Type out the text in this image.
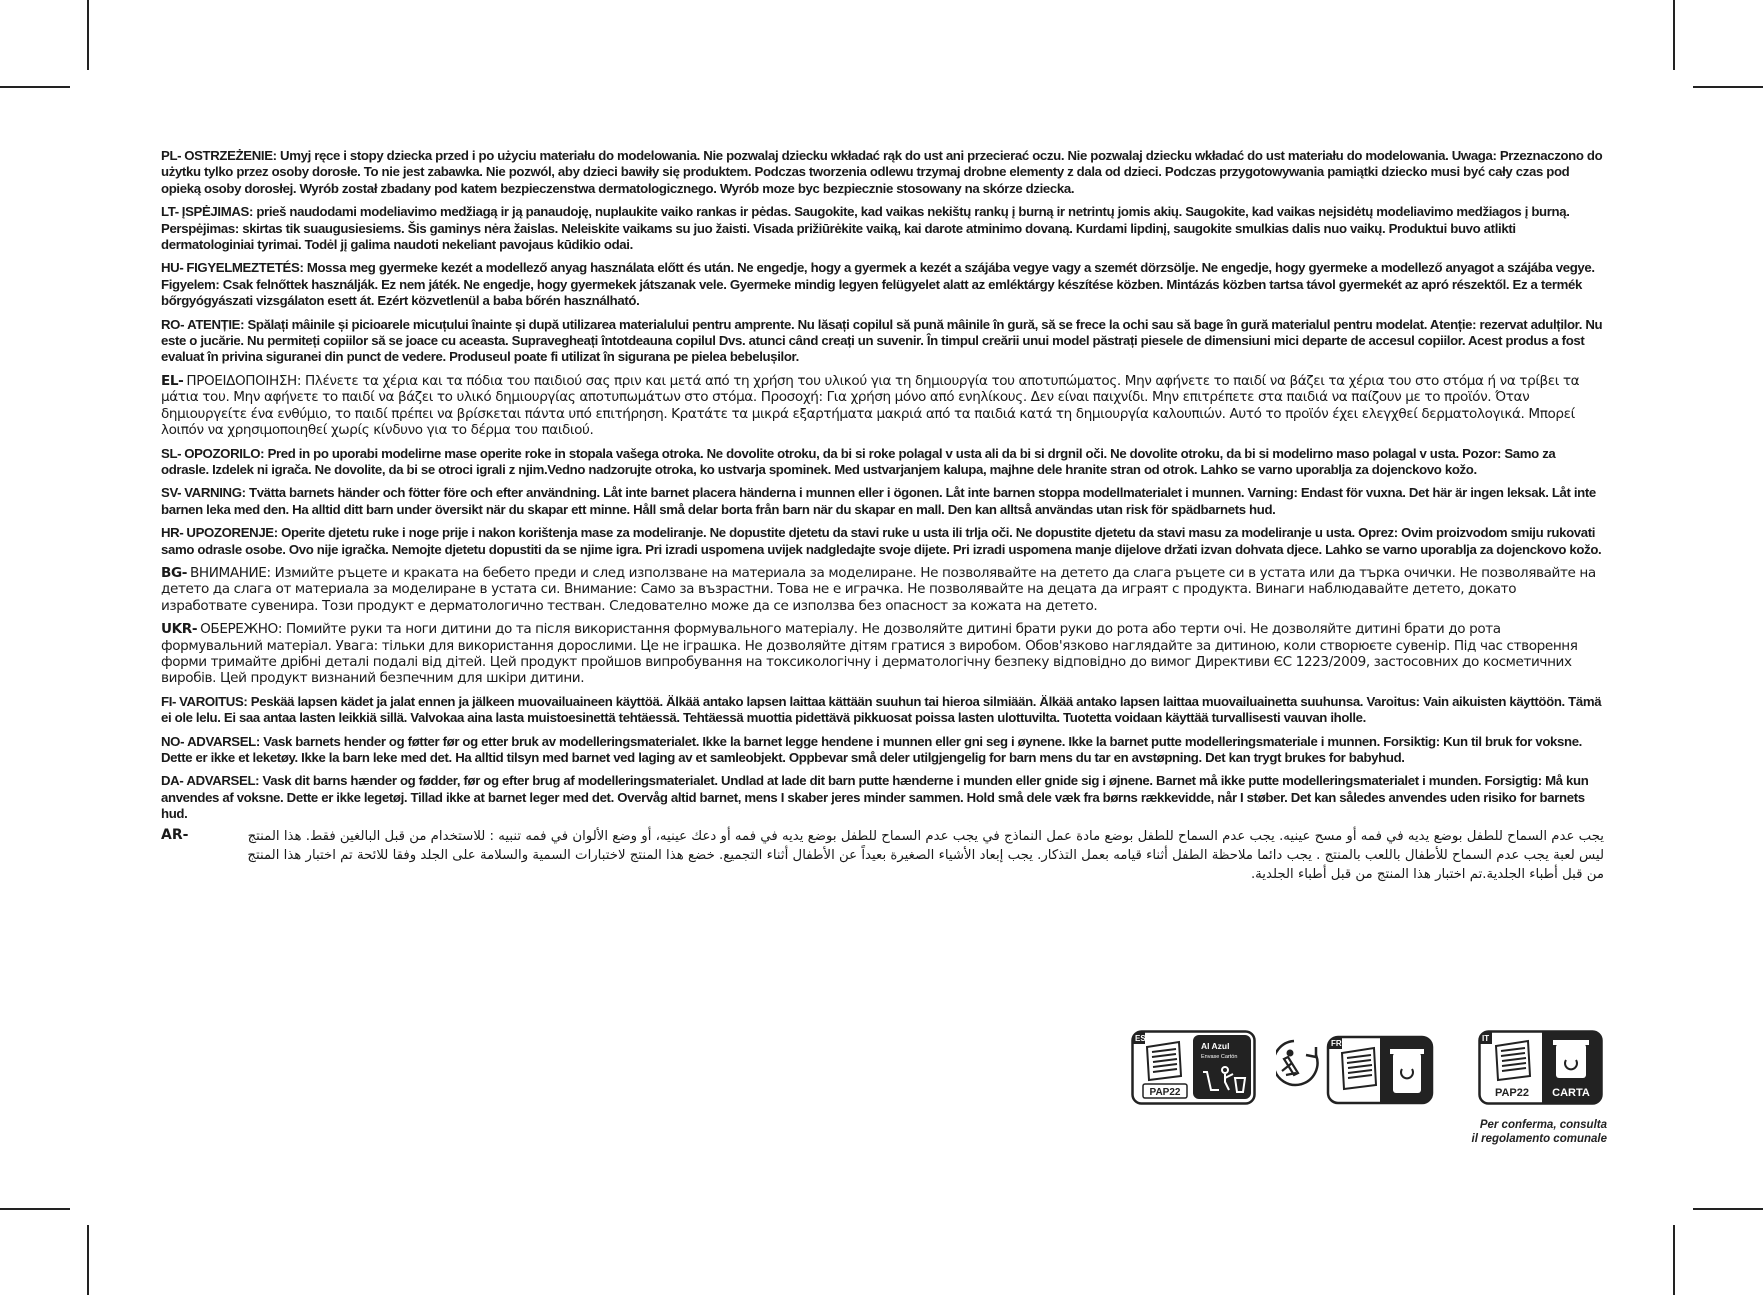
PL- OSTRZEŻENIE: Umyj ręce i stopy dziecka przed i po użyciu materiału do modelowania. Nie pozwalaj dziecku wkładać rąk do ust ani przecierać oczu. Nie pozwalaj dziecku wkładać do ust materiału do modelowania. Uwaga: Przeznaczono do użytku tylko przez osoby dorosłe. To nie jest zabawka. Nie pozwól, aby dzieci bawiły się produktem. Podczas tworzenia odlewu trzymaj drobne elementy z dala od dzieci. Podczas przygotowywania pamiątki dziecko musi być cały czas pod opieką osoby dorosłej. Wyrób został zbadany pod katem bezpieczenstwa dermatologicznego. Wyrób moze byc bezpiecznie stosowany na skórze dziecka.

LT- ĮSPĖJIMAS: prieš naudodami modeliavimo medžiagą ir ją panaudoję, nuplaukite vaiko rankas ir pėdas. Saugokite, kad vaikas nekištų rankų į burną ir netrintų jomis akių. Saugokite, kad vaikas nejsidėtų modeliavimo medžiagos į burną. Perspėjimas: skirtas tik suaugusiesiems. Šis gaminys nėra žaislas. Neleiskite vaikams su juo žaisti. Visada prižiūrėkite vaiką, kai darote atminimo dovaną. Kurdami lipdinį, saugokite smulkias dalis nuo vaikų. Produktui buvo atlikti dermatologiniai tyrimai. Todėl jį galima naudoti nekeliant pavojaus kūdikio odai.

HU- FIGYELMEZTETÉS: Mossa meg gyermeke kezét a modellező anyag használata előtt és után. Ne engedje, hogy a gyermek a kezét a szájába vegye vagy a szemét dörzsölje. Ne engedje, hogy gyermeke a modellező anyagot a szájába vegye. Figyelem: Csak felnőttek használják. Ez nem játék. Ne engedje, hogy gyermekek játszanak vele. Gyermeke mindig legyen felügyelet alatt az emléktárgy készítése közben. Mintázás közben tartsa távol gyermekét az apró részektől. Ez a termék bőrgyógyászati vizsgálaton esett át. Ezért közvetlenül a baba bőrén használható.

RO- ATENȚIE: Spălați mâinile și picioarele micuțului înainte și după utilizarea materialului pentru amprente. Nu lăsați copilul să pună mâinile în gură, să se frece la ochi sau să bage în gură materialul pentru modelat. Atenție: rezervat adulților. Nu este o jucărie. Nu permiteți copiilor să se joace cu aceasta. Supravegheați întotdeauna copilul Dvs. atunci când creați un suvenir. În timpul creării unui model păstrați piesele de dimensiuni mici departe de accesul copiilor. Acest produs a fost evaluat în privina siguranei din punct de vedere. Produseul poate fi utilizat în sigurana pe pielea bebelușilor.

EL- ΠΡΟΕΙΔΟΠΟΙΗΣΗ: Πλένετε τα χέρια και τα πόδια του παιδιού σας πριν και μετά από τη χρήση του υλικού για τη δημιουργία του αποτυπώματος. Μην αφήνετε το παιδί να βάζει τα χέρια του στο στόμα ή να τρίβει τα μάτια του. Μην αφήνετε το παιδί να βάζει το υλικό δημιουργίας αποτυπωμάτων στο στόμα. Προσοχή: Για χρήση μόνο από ενηλίκους. Δεν είναι παιχνίδι. Μην επιτρέπετε στα παιδιά να παίζουν με το προϊόν. Όταν δημιουργείτε ένα ενθύμιο, το παιδί πρέπει να βρίσκεται πάντα υπό επιτήρηση. Κρατάτε τα μικρά εξαρτήματα μακριά από τα παιδιά κατά τη δημιουργία καλουπιών. Αυτό το προϊόν έχει ελεγχθεί δερματολογικά. Μπορεί λοιπόν να χρησιμοποιηθεί χωρίς κίνδυνο για το δέρμα του παιδιού.

SL- OPOZORILO: Pred in po uporabi modelirne mase operite roke in stopala vašega otroka. Ne dovolite otroku, da bi si roke polagal v usta ali da bi si drgnil oči. Ne dovolite otroku, da bi si modelirno maso polagal v usta. Pozor: Samo za odrasle. Izdelek ni igrača. Ne dovolite, da bi se otroci igrali z njim.Vedno nadzorujte otroka, ko ustvarja spominek. Med ustvarjanjem kalupa, majhne dele hranite stran od otrok. Lahko se varno uporablja za dojenckovo kožo.

SV- VARNING: Tvätta barnets händer och fötter före och efter användning. Låt inte barnet placera händerna i munnen eller i ögonen. Låt inte barnen stoppa modellmaterialet i munnen. Varning: Endast för vuxna. Det här är ingen leksak. Låt inte barnen leka med den. Ha alltid ditt barn under översikt när du skapar ett minne. Håll små delar borta från barn när du skapar en mall. Den kan alltså användas utan risk för spädbarnets hud.

HR- UPOZORENJE: Operite djetetu ruke i noge prije i nakon korištenja mase za modeliranje. Ne dopustite djetetu da stavi ruke u usta ili trlja oči. Ne dopustite djetetu da stavi masu za modeliranje u usta. Oprez: Ovim proizvodom smiju rukovati samo odrasle osobe. Ovo nije igračka. Nemojte djetetu dopustiti da se njime igra. Pri izradi uspomena uvijek nadgledajte svoje dijete. Pri izradi uspomena manje dijelove držati izvan dohvata djece. Lahko se varno uporablja za dojenckovo kožo.

BG- ВНИМАНИЕ: Измийте ръцете и краката на бебето преди и след използване на материала за моделиране. Не позволявайте на детето да слага ръцете си в устата или да търка очички. Не позволявайте на детето да слага от материала за моделиране в устата си. Внимание: Само за възрастни. Това не е играчка. Не позволявайте на децата да играят с продукта. Винаги наблюдавайте детето, докато изработвате сувенира. Този продукт е дерматологично тестван. Следователно може да се използва без опасност за кожата на детето.

UKR- ОБЕРЕЖНО: Помийте руки та ноги дитини до та після використання формувального матеріалу. Не дозволяйте дитині брати руки до рота або терти очі. Не дозволяйте дитині брати до рота формувальний матеріал. Увага: тільки для використання дорослими. Це не іграшка. Не дозволяйте дітям гратися з виробом. Обов'язково наглядайте за дитиною, коли створюєте сувенір. Під час створення форми тримайте дрібні деталі подалі від дітей. Цей продукт пройшов випробування на токсикологічну і дерматологічну безпеку відповідно до вимог Директиви ЄС 1223/2009, застосовних до косметичних виробів. Цей продукт визнаний безпечним для шкіри дитини.

FI- VAROITUS: Peskää lapsen kädet ja jalat ennen ja jälkeen muovailuaineen käyttöä. Älkää antako lapsen laittaa kättään suuhun tai hieroa silmiään. Älkää antako lapsen laittaa muovailuainetta suuhunsa. Varoitus: Vain aikuisten käyttöön. Tämä ei ole lelu. Ei saa antaa lasten leikkiä sillä. Valvokaa aina lasta muistoesinettä tehtäessä. Tehtäessä muottia pidettävä pikkuosat poissa lasten ulottuvilta. Tuotetta voidaan käyttää turvallisesti vauvan iholle.

NO- ADVARSEL: Vask barnets hender og føtter før og etter bruk av modelleringsmaterialet. Ikke la barnet legge hendene i munnen eller gni seg i øynene. Ikke la barnet putte modelleringsmateriale i munnen. Forsiktig: Kun til bruk for voksne. Dette er ikke et leketøy. Ikke la barn leke med det. Ha alltid tilsyn med barnet ved laging av et samleobjekt. Oppbevar små deler utilgjengelig for barn mens du tar en avstøpning. Det kan trygt brukes for babyhud.

DA- ADVARSEL: Vask dit barns hænder og fødder, før og efter brug af modelleringsmaterialet. Undlad at lade dit barn putte hænderne i munden eller gnide sig i øjnene. Barnet må ikke putte modelleringsmaterialet i munden. Forsigtig: Må kun anvendes af voksne. Dette er ikke legetøj. Tillad ikke at barnet leger med det. Overvåg altid barnet, mens I skaber jeres minder sammen. Hold små dele væk fra børns rækkevidde, når I støber. Det kan således anvendes uden risiko for barnets hud.

AR-	يجب عدم السماح للطفل بوضع يديه في فمه أو مسح عينيه. يجب عدم السماح للطفل بوضع مادة عمل النماذج في يجب عدم السماح للطفل بوضع يديه في فمه أو دعك عينيه، أو وضع الألوان في فمه تنبيه : للاستخدام من قبل البالغين فقط. هذا المنتج ليس لعبة يجب عدم السماح للأطفال باللعب بالمنتج . يجب دائما ملاحظة الطفل أثناء قيامه بعمل التذكار. يجب إبعاد الأشياء الصغيرة بعيداً عن الأطفال أثناء التجميع. خضع هذا المنتج لاختبارات السمية والسلامة على الجلد وفقا للائحة تم اختبار هذا المنتج من قبل أطباء الجلدية.تم اختبار هذا المنتج من قبل أطباء الجلدية.
ES
PAP22
Al Azul
Envase Cartón
FR
IT
PAP22 CARTA
Per conferma, consulta
il regolamento comunale
